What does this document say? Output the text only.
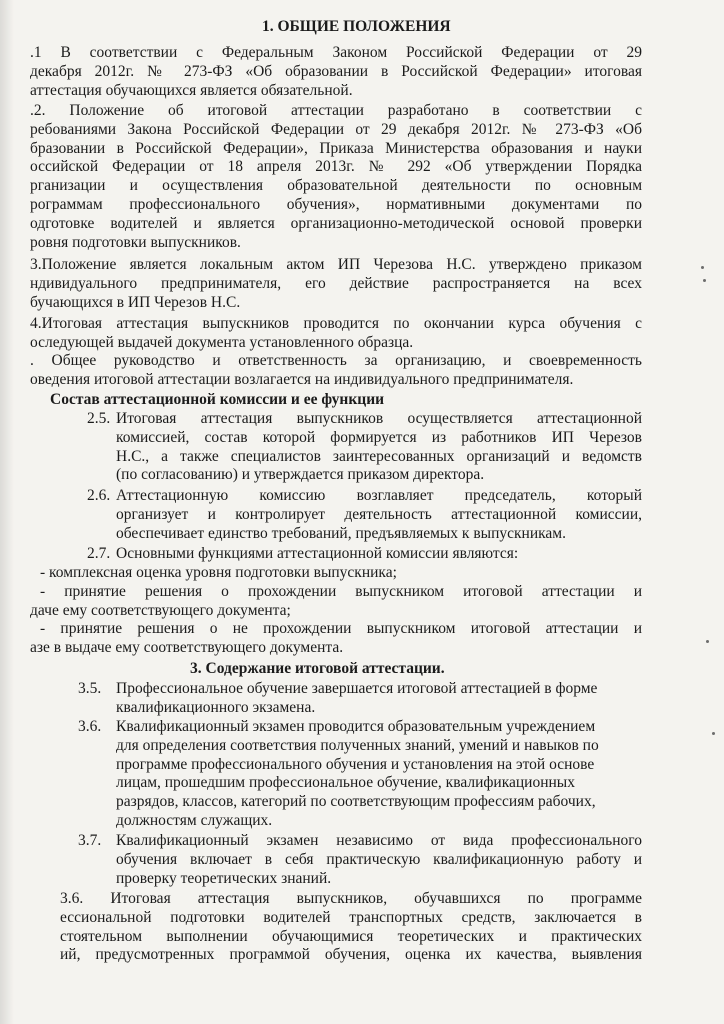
1. ОБЩИЕ ПОЛОЖЕНИЯ
.1 В соответствии с Федеральным Законом Российской Федерации от 29
декабря 2012г. № 273-ФЗ «Об образовании в Российской Федерации» итоговая
аттестация обучающихся является обязательной.
.2. Положение об итоговой аттестации разработано в соответствии с
ребованиями Закона Российской Федерации от 29 декабря 2012г. № 273-ФЗ «Об
бразовании в Российской Федерации», Приказа Министерства образования и науки
оссийской Федерации от 18 апреля 2013г. № 292 «Об утверждении Порядка
рганизации и осуществления образовательной деятельности по основным
рограммам профессионального обучения», нормативными документами по
одготовке водителей и является организационно-методической основой проверки
ровня подготовки выпускников.
3.Положение является локальным актом ИП Черезова Н.С. утверждено приказом
ндивидуального предпринимателя, его действие распространяется на всех
бучающихся в ИП Черезов Н.С.
4.Итоговая аттестация выпускников проводится по окончании курса обучения с
оследующей выдачей документа установленного образца.
. Общее руководство и ответственность за организацию, и своевременность
оведения итоговой аттестации возлагается на индивидуального предпринимателя.
Состав аттестационной комиссии и ее функции
2.5. Итоговая аттестация выпускников осуществляется аттестационной
комиссией, состав которой формируется из работников ИП Черезов
Н.С., а также специалистов заинтересованных организаций и ведомств
(по согласованию) и утверждается приказом директора.
2.6. Аттестационную комиссию возглавляет председатель, который
организует и контролирует деятельность аттестационной комиссии,
обеспечивает единство требований, предъявляемых к выпускникам.
2.7. Основными функциями аттестационной комиссии являются:
- комплексная оценка уровня подготовки выпускника;
- принятие решения о прохождении выпускником итоговой аттестации и
даче ему соответствующего документа;
- принятие решения о не прохождении выпускником итоговой аттестации и
азе в выдаче ему соответствующего документа.
3. Содержание итоговой аттестации.
3.5. Профессиональное обучение завершается итоговой аттестацией в форме
квалификационного экзамена.
3.6. Квалификационный экзамен проводится образовательным учреждением
для определения соответствия полученных знаний, умений и навыков по
программе профессионального обучения и установления на этой основе
лицам, прошедшим профессиональное обучение, квалификационных
разрядов, классов, категорий по соответствующим профессиям рабочих,
должностям служащих.
3.7. Квалификационный экзамен независимо от вида профессионального
обучения включает в себя практическую квалификационную работу и
проверку теоретических знаний.
3.6. Итоговая аттестация выпускников, обучавшихся по программе
ессиональной подготовки водителей транспортных средств, заключается в
стоятельном выполнении обучающимися теоретических и практических
ий, предусмотренных программой обучения, оценка их качества, выявления
